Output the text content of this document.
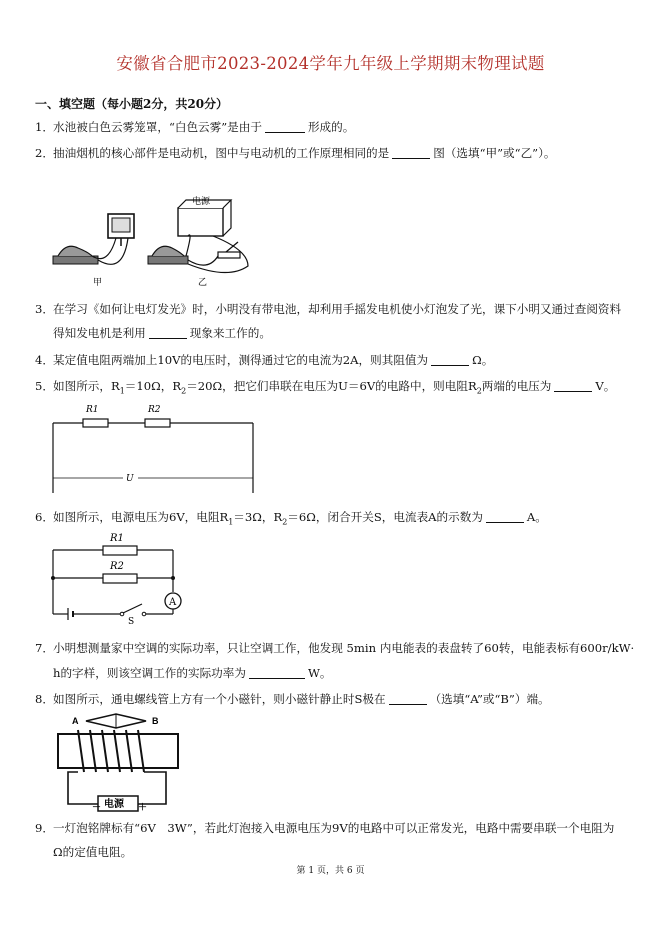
安徽省合肥市2023-2024学年九年级上学期期末物理试题
一、填空题（每小题2分，共20分）
1．水池被白色云雾笼罩，“白色云雾”是由于	形成的。
2．抽油烟机的核心部件是电动机，图中与电动机的工作原理相同的是	图（选填“甲”或“乙”）。
电源
甲	乙
3．在学习《如何让电灯发光》时，小明没有带电池，却利用手摇发电机使小灯泡发了光，课下小明又通过查阅资料
得知发电机是利用	现象来工作的。
4．某定值电阻两端加上10V的电压时，测得通过它的电流为2A，则其阻值为	Ω。
5．如图所示，$R_1=10\Omega$，$R_2=20\Omega$，把它们串联在电压为U＝6V的电路中，则电阻$R_2$两端的电压为	V。
R1	R2
U
6．如图所示，电源电压为6V，电阻$R_1=3\Omega$，$R_2=6\Omega$，闭合开关S，电流表A的示数为	A。
A
R1
R2
S
7．小明想测量家中空调的实际功率，只让空调工作，他发现 5min 内电能表的表盘转了60转，电能表标有600r/kW·
h的字样，则该空调工作的实际功率为	W。
8．如图所示，通电螺线管上方有一个小磁针，则小磁针静止时S极在	（选填“A”或“B”）端。
A	B
电源
－	＋
9．一灯泡铭牌标有“6V　3W”，若此灯泡接入电源电压为9V的电路中可以正常发光，电路中需要串联一个电阻为
Ω的定值电阻。
第 1 页，共 6 页
